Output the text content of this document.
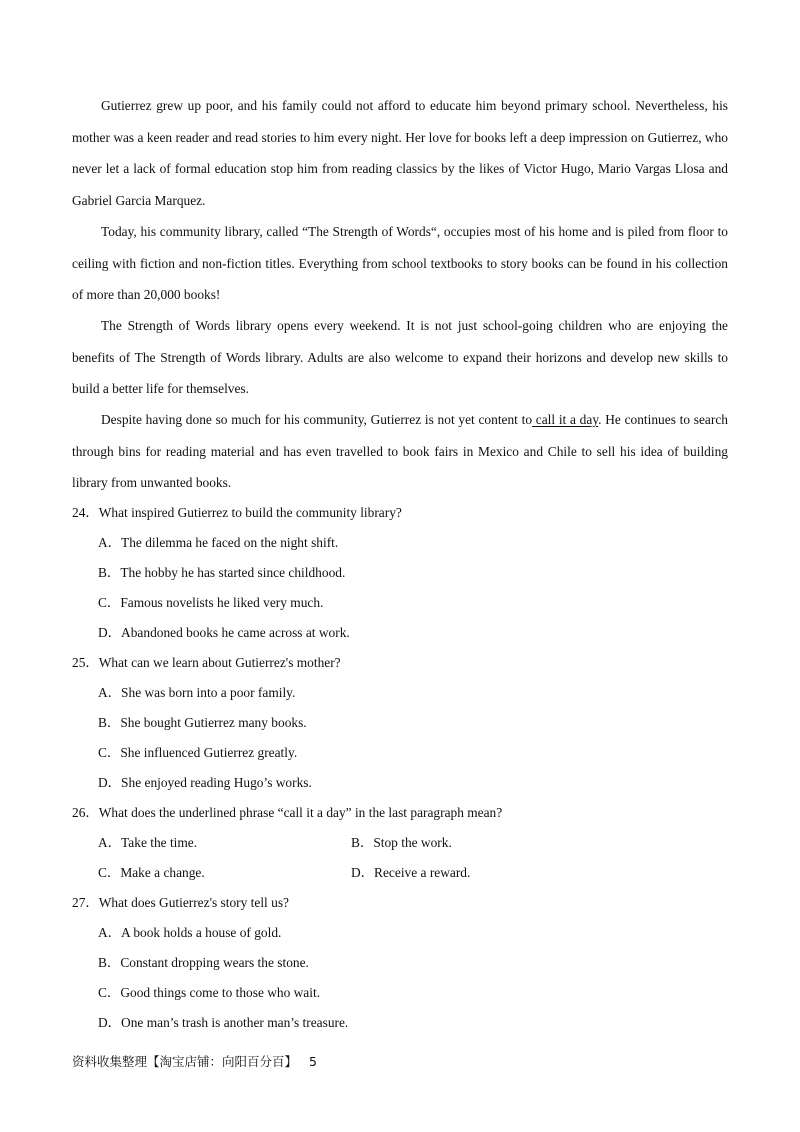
Gutierrez grew up poor, and his family could not afford to educate him beyond primary school. Nevertheless, his mother was a keen reader and read stories to him every night. Her love for books left a deep impression on Gutierrez, who never let a lack of formal education stop him from reading classics by the likes of Victor Hugo, Mario Vargas Llosa and Gabriel Garcia Marquez.

Today, his community library, called “The Strength of Words“, occupies most of his home and is piled from floor to ceiling with fiction and non-fiction titles. Everything from school textbooks to story books can be found in his collection of more than 20,000 books!

The Strength of Words library opens every weekend. It is not just school-going children who are enjoying the benefits of The Strength of Words library. Adults are also welcome to expand their horizons and develop new skills to build a better life for themselves.

Despite having done so much for his community, Gutierrez is not yet content to call it a day. He continues to search through bins for reading material and has even travelled to book fairs in Mexico and Chile to sell his idea of building library from unwanted books.

24．What inspired Gutierrez to build the community library?
A．The dilemma he faced on the night shift.
B．The hobby he has started since childhood.
C．Famous novelists he liked very much.
D．Abandoned books he came across at work.
25．What can we learn about Gutierrez's mother?
A．She was born into a poor family.
B．She bought Gutierrez many books.
C．She influenced Gutierrez greatly.
D．She enjoyed reading Hugo’s works.
26．What does the underlined phrase “call it a day” in the last paragraph mean?
A．Take the time.	B．Stop the work.
C．Make a change.	D．Receive a reward.
27．What does Gutierrez's story tell us?
A．A book holds a house of gold.
B．Constant dropping wears the stone.
C．Good things come to those who wait.
D．One man’s trash is another man’s treasure.
资料收集整理【淘宝店铺：向阳百分百】 5
